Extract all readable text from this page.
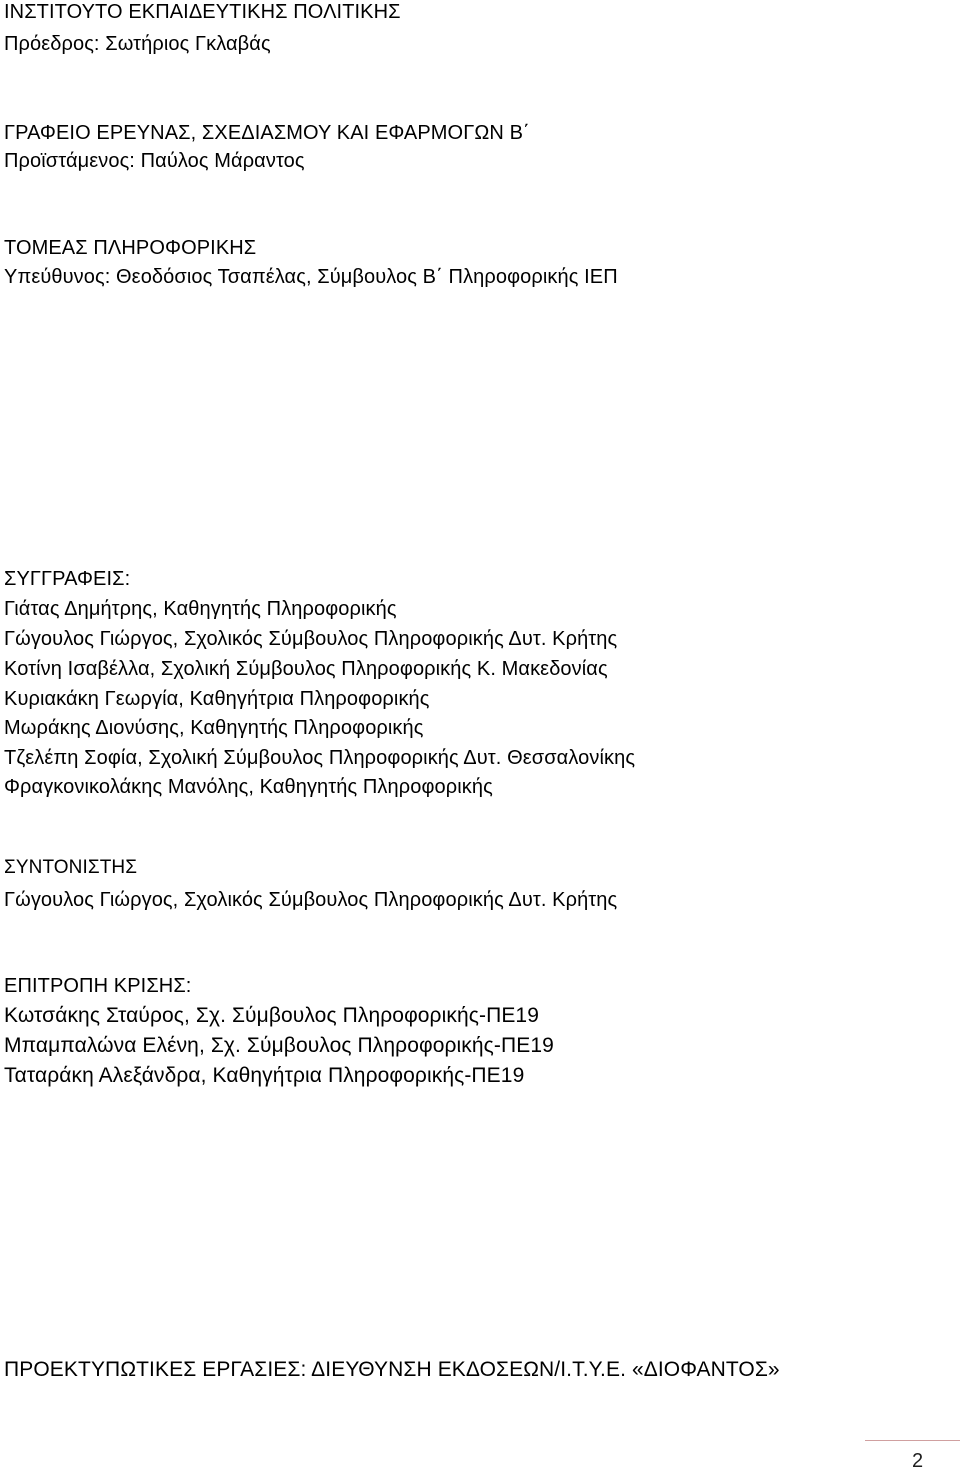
ΙΝΣΤΙΤΟΥΤΟ ΕΚΠΑΙΔΕΥΤΙΚΗΣ ΠΟΛΙΤΙΚΗΣ

Πρόεδρος: Σωτήριος Γκλαβάς

ΓΡΑΦΕΙΟ ΕΡΕΥΝΑΣ, ΣΧΕΔΙΑΣΜΟΥ ΚΑΙ ΕΦΑΡΜΟΓΩΝ Β΄

Προϊστάμενος: Παύλος Μάραντος

ΤΟΜΕΑΣ ΠΛΗΡΟΦΟΡΙΚΗΣ

Υπεύθυνος: Θεοδόσιος Τσαπέλας, Σύμβουλος Β΄ Πληροφορικής ΙΕΠ

ΣΥΓΓΡΑΦΕΙΣ:

Γιάτας Δημήτρης, Καθηγητής Πληροφορικής

Γώγουλος Γιώργος, Σχολικός Σύμβουλος Πληροφορικής Δυτ. Κρήτης

Κοτίνη Ισαβέλλα, Σχολική Σύμβουλος Πληροφορικής Κ. Μακεδονίας

Κυριακάκη Γεωργία, Καθηγήτρια Πληροφορικής

Μωράκης Διονύσης, Καθηγητής Πληροφορικής

Τζελέπη Σοφία, Σχολική Σύμβουλος Πληροφορικής Δυτ. Θεσσαλονίκης

Φραγκονικολάκης Μανόλης, Καθηγητής Πληροφορικής

ΣΥΝΤΟΝΙΣΤΗΣ

Γώγουλος Γιώργος, Σχολικός Σύμβουλος Πληροφορικής Δυτ. Κρήτης

ΕΠΙΤΡΟΠΗ ΚΡΙΣΗΣ:

Κωτσάκης Σταύρος, Σχ. Σύμβουλος Πληροφορικής-ΠΕ19

Μπαμπαλώνα Ελένη, Σχ. Σύμβουλος Πληροφορικής-ΠΕ19

Ταταράκη Αλεξάνδρα, Καθηγήτρια Πληροφορικής-ΠΕ19

ΠΡΟΕΚΤΥΠΩΤΙΚΕΣ ΕΡΓΑΣΙΕΣ: ΔΙΕΥΘΥΝΣΗ ΕΚΔΟΣΕΩΝ/Ι.Τ.Υ.Ε. «ΔΙΟΦΑΝΤΟΣ»

2
